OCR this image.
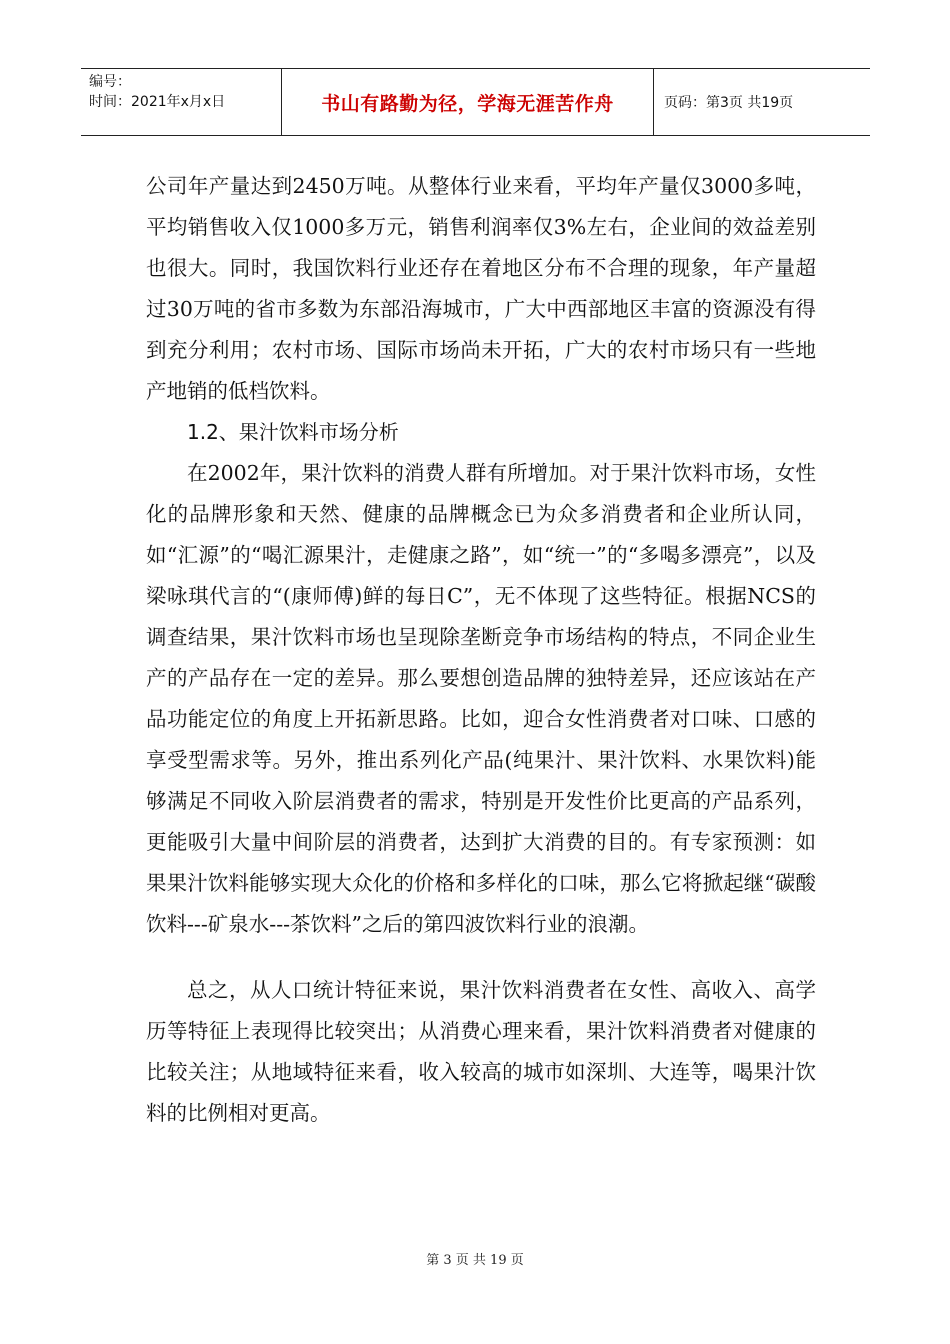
编号：
时间：2021年x月x日	书山有路勤为径，学海无涯苦作舟	页码：第3页 共19页

公司年产量达到2450万吨。从整体行业来看，平均年产量仅3000多吨，平均销售收入仅1000多万元，销售利润率仅3%左右，企业间的效益差别也很大。同时，我国饮料行业还存在着地区分布不合理的现象，年产量超过30万吨的省市多数为东部沿海城市，广大中西部地区丰富的资源没有得到充分利用；农村市场、国际市场尚未开拓，广大的农村市场只有一些地产地销的低档饮料。

1.2、果汁饮料市场分析

在2002年，果汁饮料的消费人群有所增加。对于果汁饮料市场，女性化的品牌形象和天然、健康的品牌概念已为众多消费者和企业所认同，如“汇源”的“喝汇源果汁，走健康之路”，如“统一”的“多喝多漂亮”，以及梁咏琪代言的“(康师傅)鲜的每日C”，无不体现了这些特征。根据NCS的调查结果，果汁饮料市场也呈现除垄断竞争市场结构的特点，不同企业生产的产品存在一定的差异。那么要想创造品牌的独特差异，还应该站在产品功能定位的角度上开拓新思路。比如，迎合女性消费者对口味、口感的享受型需求等。另外，推出系列化产品(纯果汁、果汁饮料、水果饮料)能够满足不同收入阶层消费者的需求，特别是开发性价比更高的产品系列，更能吸引大量中间阶层的消费者，达到扩大消费的目的。有专家预测：如果果汁饮料能够实现大众化的价格和多样化的口味，那么它将掀起继“碳酸饮料---矿泉水---茶饮料”之后的第四波饮料行业的浪潮。

总之，从人口统计特征来说，果汁饮料消费者在女性、高收入、高学历等特征上表现得比较突出；从消费心理来看，果汁饮料消费者对健康的比较关注；从地域特征来看，收入较高的城市如深圳、大连等，喝果汁饮料的比例相对更高。

第 3 页 共 19 页
